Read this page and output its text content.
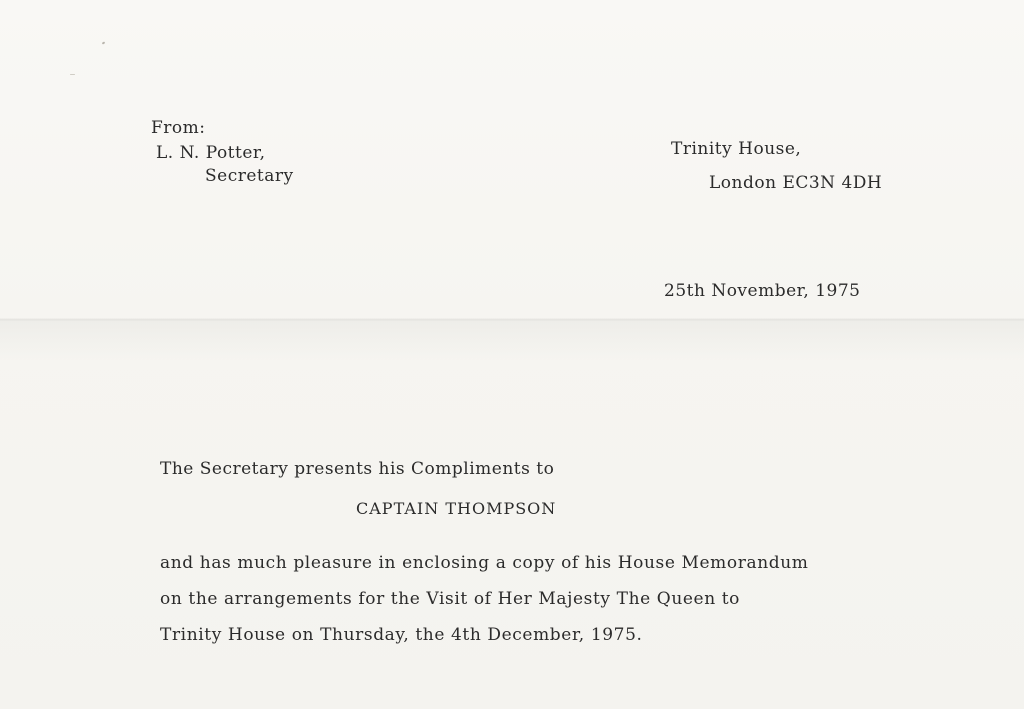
From:

L. N. Potter,

Secretary

Trinity House,

London EC3N 4DH

25th November, 1975

The Secretary presents his Compliments to

CAPTAIN THOMPSON

and has much pleasure in enclosing a copy of his House Memorandum

on the arrangements for the Visit of Her Majesty The Queen to

Trinity House on Thursday, the 4th December, 1975.
